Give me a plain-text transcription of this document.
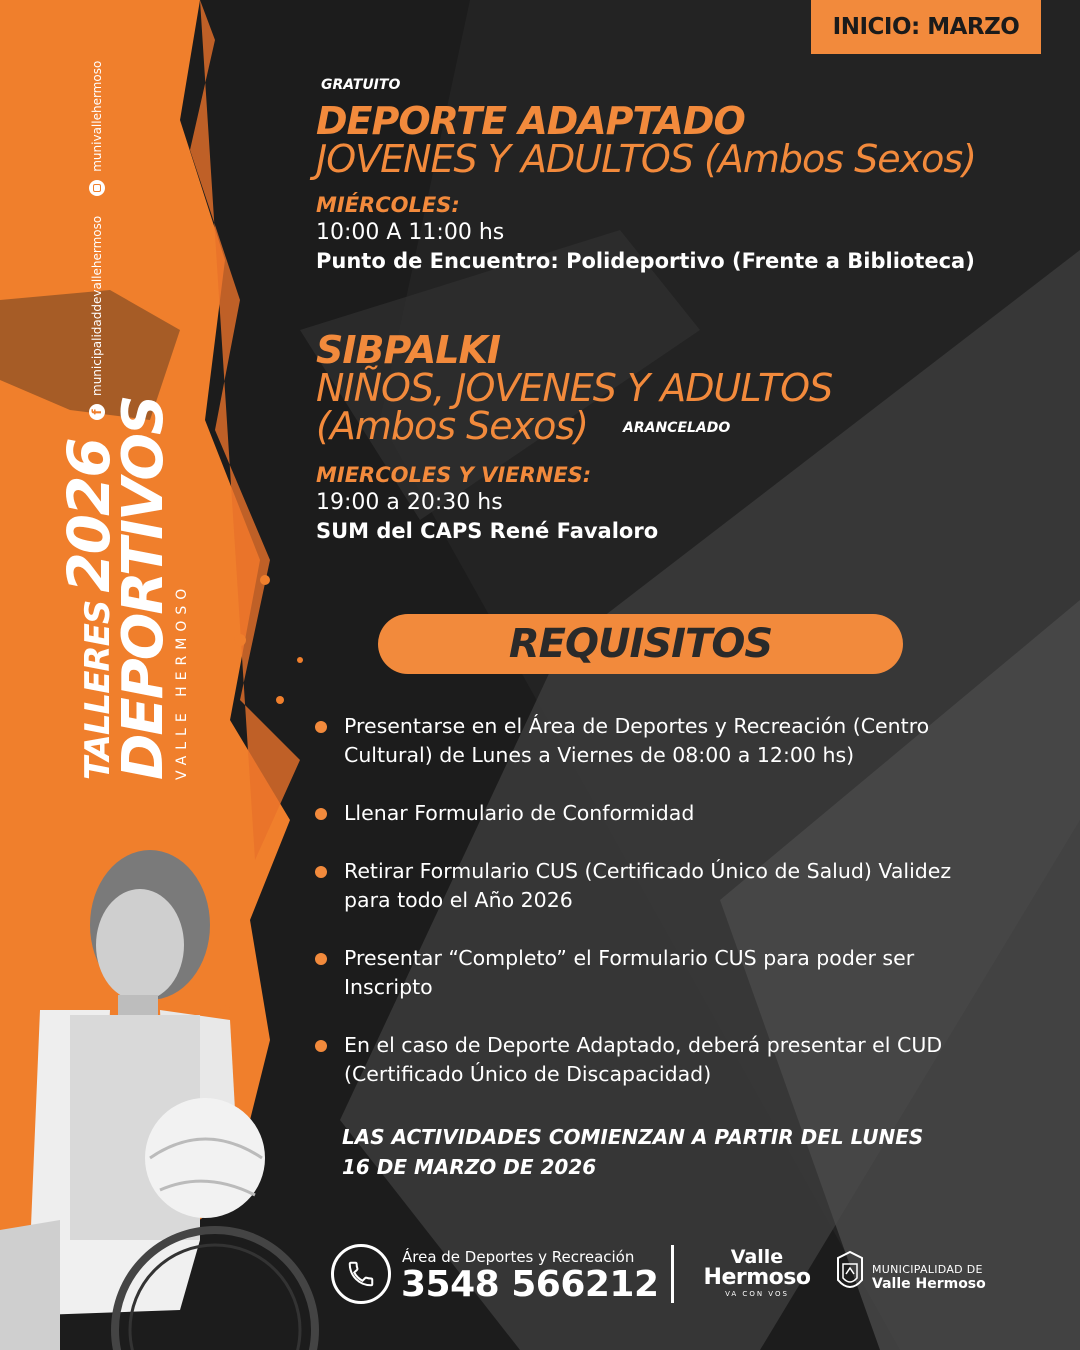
INICIO: MARZO
TALLERES
2026
DEPORTIVOS
VALLE HERMOSO
f
municipalidaddevallehermoso
munivallehermoso	GRATUITO
DEPORTE ADAPTADO
JOVENES Y ADULTOS (Ambos Sexos)
MIÉRCOLES:
10:00 A 11:00 hs
Punto de Encuentro: Polideportivo (Frente a Biblioteca)
SIBPALKI
NIÑOS, JOVENES Y ADULTOS
(Ambos Sexos)	ARANCELADO
MIERCOLES Y VIERNES:
19:00 a 20:30 hs
SUM del CAPS René Favaloro
REQUISITOS
Presentarse en el Área de Deportes y Recreación (Centro Cultural) de Lunes a Viernes de 08:00 a 12:00 hs)
Llenar Formulario de Conformidad
Retirar Formulario CUS (Certificado Único de Salud) Validez para todo el Año 2026
Presentar “Completo” el Formulario CUS para poder ser Inscripto
En el caso de Deporte Adaptado, deberá presentar el CUD (Certificado Único de Discapacidad)
LAS ACTIVIDADES COMIENZAN A PARTIR DEL LUNES
16 DE MARZO DE 2026
Área de Deportes y Recreación
3548 566212
Valle
Hermoso
VA CON VOS
MUNICIPALIDAD DE
Valle Hermoso
